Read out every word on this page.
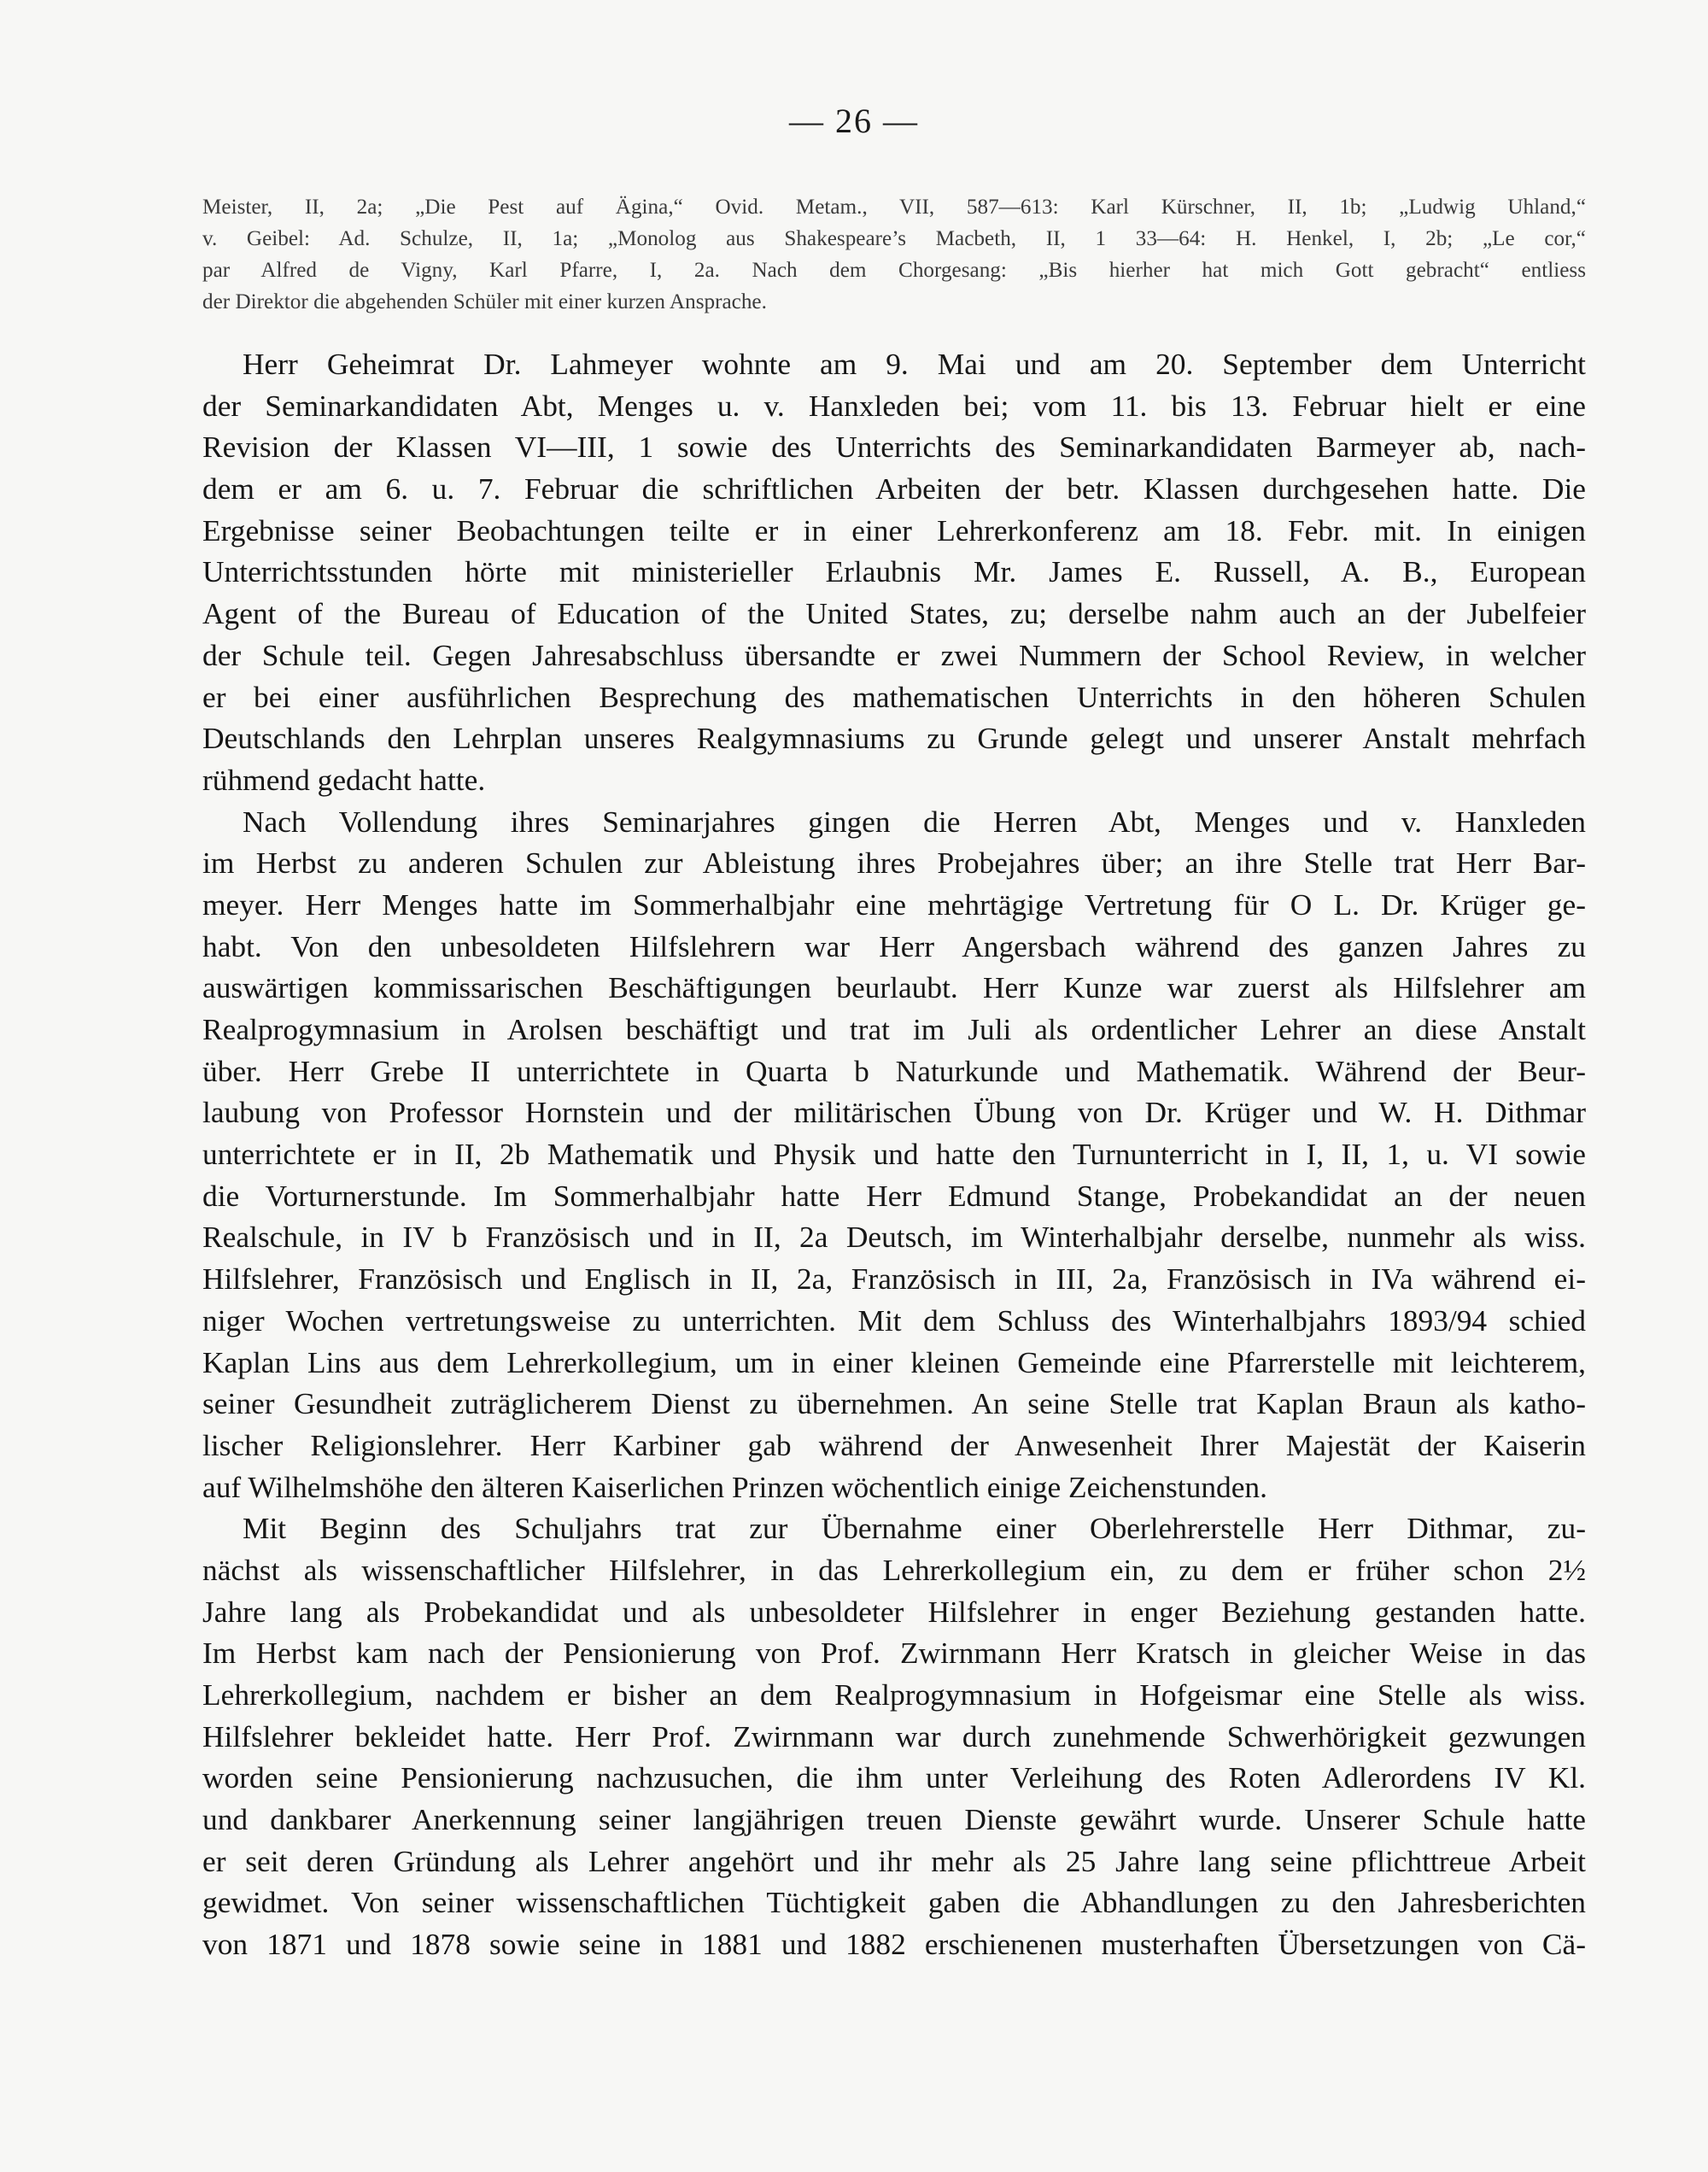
— 26 —
Meister, II, 2a; „Die Pest auf Ägina,“ Ovid. Metam., VII, 587—613: Karl Kürschner, II, 1b; „Ludwig Uhland,“
v. Geibel: Ad. Schulze, II, 1a; „Monolog aus Shakespeare’s Macbeth, II, 1 33—64: H. Henkel, I, 2b; „Le cor,“
par Alfred de Vigny, Karl Pfarre, I, 2a. Nach dem Chorgesang: „Bis hierher hat mich Gott gebracht“ entliess
der Direktor die abgehenden Schüler mit einer kurzen Ansprache.
Herr Geheimrat Dr. Lahmeyer wohnte am 9. Mai und am 20. September dem Unterricht
der Seminarkandidaten Abt, Menges u. v. Hanxleden bei; vom 11. bis 13. Februar hielt er eine
Revision der Klassen VI—III, 1 sowie des Unterrichts des Seminarkandidaten Barmeyer ab, nach-
dem er am 6. u. 7. Februar die schriftlichen Arbeiten der betr. Klassen durchgesehen hatte. Die
Ergebnisse seiner Beobachtungen teilte er in einer Lehrerkonferenz am 18. Febr. mit. In einigen
Unterrichtsstunden hörte mit ministerieller Erlaubnis Mr. James E. Russell, A. B., European
Agent of the Bureau of Education of the United States, zu; derselbe nahm auch an der Jubelfeier
der Schule teil. Gegen Jahresabschluss übersandte er zwei Nummern der School Review, in welcher
er bei einer ausführlichen Besprechung des mathematischen Unterrichts in den höheren Schulen
Deutschlands den Lehrplan unseres Realgymnasiums zu Grunde gelegt und unserer Anstalt mehrfach
rühmend gedacht hatte.
Nach Vollendung ihres Seminarjahres gingen die Herren Abt, Menges und v. Hanxleden
im Herbst zu anderen Schulen zur Ableistung ihres Probejahres über; an ihre Stelle trat Herr Bar-
meyer. Herr Menges hatte im Sommerhalbjahr eine mehrtägige Vertretung für O L. Dr. Krüger ge-
habt. Von den unbesoldeten Hilfslehrern war Herr Angersbach während des ganzen Jahres zu
auswärtigen kommissarischen Beschäftigungen beurlaubt. Herr Kunze war zuerst als Hilfslehrer am
Realprogymnasium in Arolsen beschäftigt und trat im Juli als ordentlicher Lehrer an diese Anstalt
über. Herr Grebe II unterrichtete in Quarta b Naturkunde und Mathematik. Während der Beur-
laubung von Professor Hornstein und der militärischen Übung von Dr. Krüger und W. H. Dithmar
unterrichtete er in II, 2b Mathematik und Physik und hatte den Turnunterricht in I, II, 1, u. VI sowie
die Vorturnerstunde. Im Sommerhalbjahr hatte Herr Edmund Stange, Probekandidat an der neuen
Realschule, in IV b Französisch und in II, 2a Deutsch, im Winterhalbjahr derselbe, nunmehr als wiss.
Hilfslehrer, Französisch und Englisch in II, 2a, Französisch in III, 2a, Französisch in IVa während ei-
niger Wochen vertretungsweise zu unterrichten. Mit dem Schluss des Winterhalbjahrs 1893/94 schied
Kaplan Lins aus dem Lehrerkollegium, um in einer kleinen Gemeinde eine Pfarrerstelle mit leichterem,
seiner Gesundheit zuträglicherem Dienst zu übernehmen. An seine Stelle trat Kaplan Braun als katho-
lischer Religionslehrer. Herr Karbiner gab während der Anwesenheit Ihrer Majestät der Kaiserin
auf Wilhelmshöhe den älteren Kaiserlichen Prinzen wöchentlich einige Zeichenstunden.
Mit Beginn des Schuljahrs trat zur Übernahme einer Oberlehrerstelle Herr Dithmar, zu-
nächst als wissenschaftlicher Hilfslehrer, in das Lehrerkollegium ein, zu dem er früher schon 2½
Jahre lang als Probekandidat und als unbesoldeter Hilfslehrer in enger Beziehung gestanden hatte.
Im Herbst kam nach der Pensionierung von Prof. Zwirnmann Herr Kratsch in gleicher Weise in das
Lehrerkollegium, nachdem er bisher an dem Realprogymnasium in Hofgeismar eine Stelle als wiss.
Hilfslehrer bekleidet hatte. Herr Prof. Zwirnmann war durch zunehmende Schwerhörigkeit gezwungen
worden seine Pensionierung nachzusuchen, die ihm unter Verleihung des Roten Adlerordens IV Kl.
und dankbarer Anerkennung seiner langjährigen treuen Dienste gewährt wurde. Unserer Schule hatte
er seit deren Gründung als Lehrer angehört und ihr mehr als 25 Jahre lang seine pflichttreue Arbeit
gewidmet. Von seiner wissenschaftlichen Tüchtigkeit gaben die Abhandlungen zu den Jahresberichten
von 1871 und 1878 sowie seine in 1881 und 1882 erschienenen musterhaften Übersetzungen von Cä-
